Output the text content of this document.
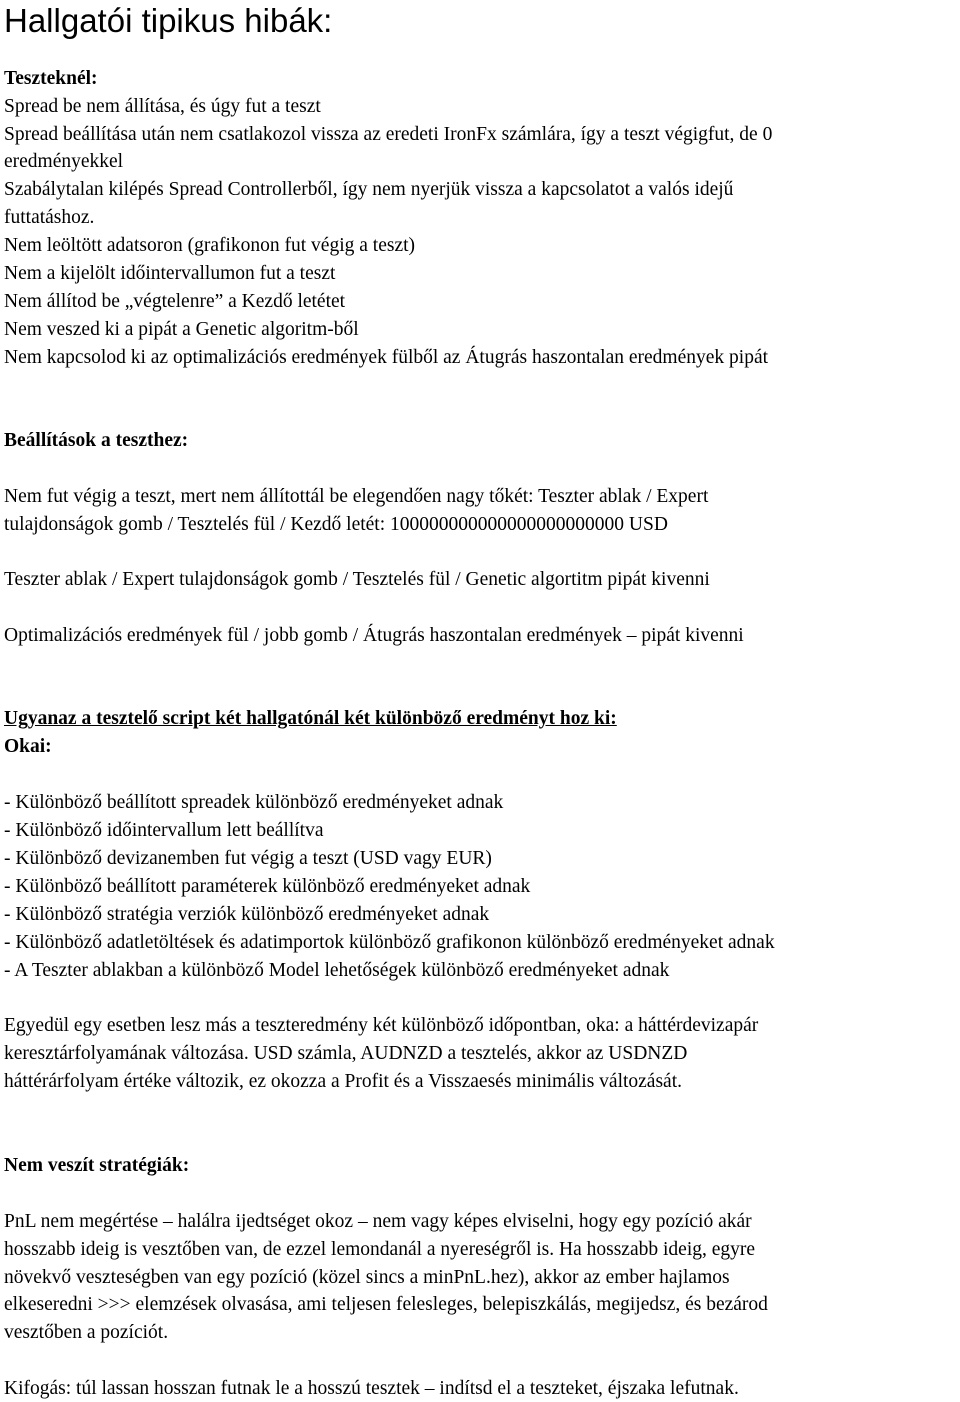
Hallgatói tipikus hibák:

Teszteknél:

Spread be nem állítása, és úgy fut a teszt

Spread beállítása után nem csatlakozol vissza az eredeti IronFx számlára, így a teszt végigfut, de 0

eredményekkel

Szabálytalan kilépés Spread Controllerből, így nem nyerjük vissza a kapcsolatot a valós idejű

futtatáshoz.

Nem leöltött adatsoron (grafikonon fut végig a teszt)

Nem a kijelölt időintervallumon fut a teszt

Nem állítod be „végtelenre” a Kezdő letétet

Nem veszed ki a pipát a Genetic algoritm-ből

Nem kapcsolod ki az optimalizációs eredmények fülből az Átugrás haszontalan eredmények pipát

Beállítások a teszthez:

Nem fut végig a teszt, mert nem állítottál be elegendően nagy tőkét: Teszter ablak / Expert

tulajdonságok gomb / Tesztelés fül / Kezdő letét: 100000000000000000000000 USD

Teszter ablak / Expert tulajdonságok gomb / Tesztelés fül / Genetic algortitm pipát kivenni

Optimalizációs eredmények fül / jobb gomb / Átugrás haszontalan eredmények – pipát kivenni

Ugyanaz a tesztelő script két hallgatónál két különböző eredményt hoz ki:

Okai:

- Különböző beállított spreadek különböző eredményeket adnak

- Különböző időintervallum lett beállítva

- Különböző devizanemben fut végig a teszt (USD vagy EUR)

- Különböző beállított paraméterek különböző eredményeket adnak

- Különböző stratégia verziók különböző eredményeket adnak

- Különböző adatletöltések és adatimportok különböző grafikonon különböző eredményeket adnak

- A Teszter ablakban a különböző Model lehetőségek különböző eredményeket adnak

Egyedül egy esetben lesz más a teszteredmény két különböző időpontban, oka: a háttérdevizapár

keresztárfolyamának változása. USD számla, AUDNZD a tesztelés, akkor az USDNZD

háttérárfolyam értéke változik, ez okozza a Profit és a Visszaesés minimális változását.

Nem veszít stratégiák:

PnL nem megértése – halálra ijedtséget okoz – nem vagy képes elviselni, hogy egy pozíció akár

hosszabb ideig is vesztőben van, de ezzel lemondanál a nyereségről is. Ha hosszabb ideig, egyre

növekvő veszteségben van egy pozíció (közel sincs a minPnL.hez), akkor az ember hajlamos

elkeseredni >>> elemzések olvasása, ami teljesen felesleges, belepiszkálás, megijedsz, és bezárod

vesztőben a pozíciót.

Kifogás: túl lassan hosszan futnak le a hosszú tesztek – indítsd el a teszteket, éjszaka lefutnak.
